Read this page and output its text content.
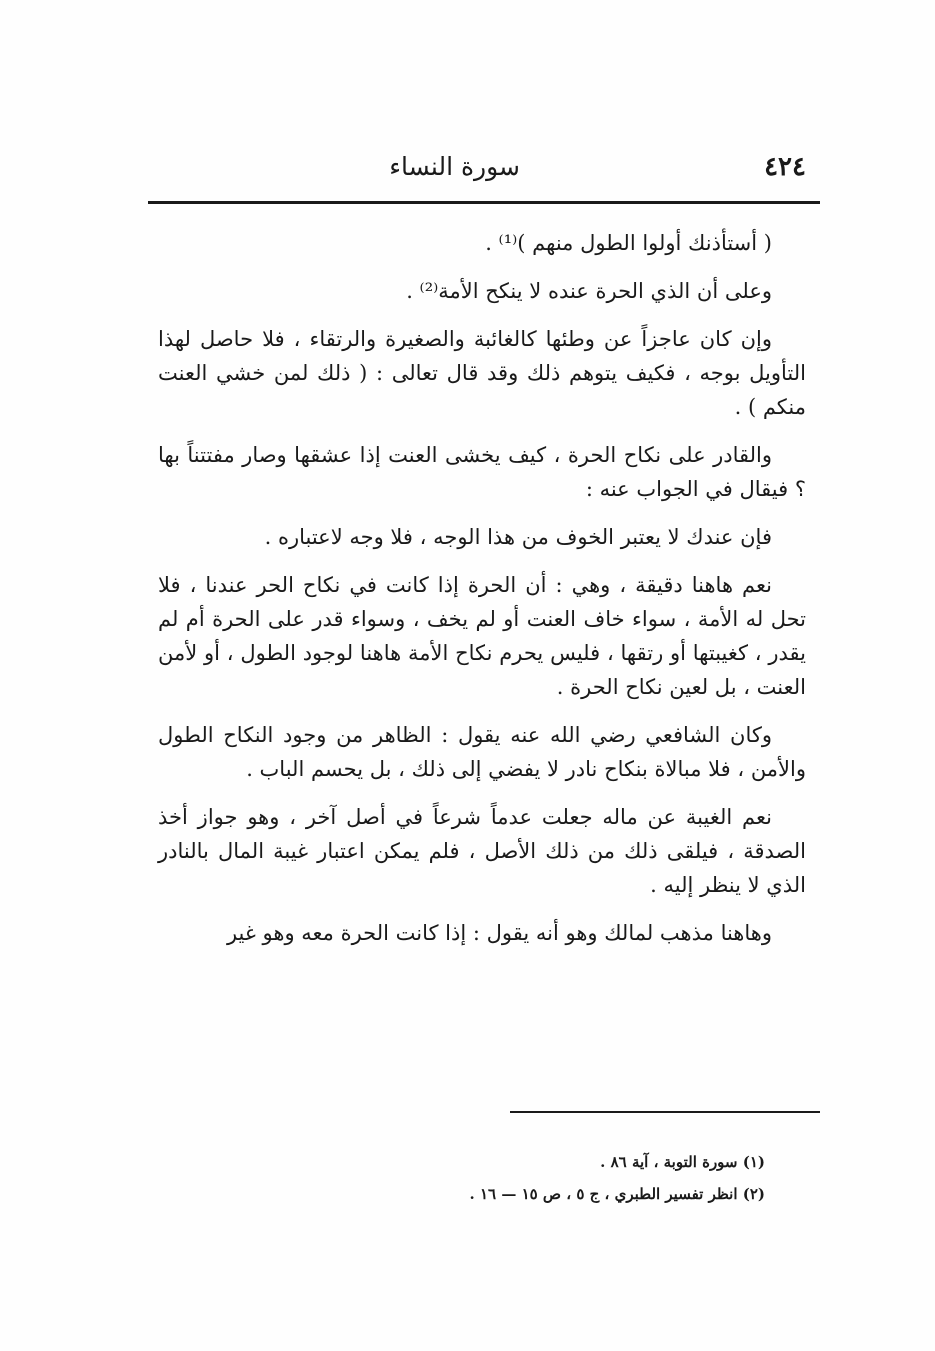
٤٢٤
سورة النساء

( أستأذنك أولوا الطول منهم )⁽¹⁾ .

وعلى أن الذي الحرة عنده لا ينكح الأمة⁽²⁾ .

وإن كان عاجزاً عن وطئها كالغائبة والصغيرة والرتقاء ، فلا حاصل لهذا التأويل بوجه ، فكيف يتوهم ذلك وقد قال تعالى : ( ذلك لمن خشي العنت منكم ) .

والقادر على نكاح الحرة ، كيف يخشى العنت إذا عشقها وصار مفتتناً بها ؟ فيقال في الجواب عنه :

فإن عندك لا يعتبر الخوف من هذا الوجه ، فلا وجه لاعتباره .

نعم هاهنا دقيقة ، وهي : أن الحرة إذا كانت في نكاح الحر عندنا ، فلا تحل له الأمة ، سواء خاف العنت أو لم يخف ، وسواء قدر على الحرة أم لم يقدر ، كغيبتها أو رتقها ، فليس يحرم نكاح الأمة هاهنا لوجود الطول ، أو لأمن العنت ، بل لعين نكاح الحرة .

وكان الشافعي رضي الله عنه يقول : الظاهر من وجود النكاح الطول والأمن ، فلا مبالاة بنكاح نادر لا يفضي إلى ذلك ، بل يحسم الباب .

نعم الغيبة عن ماله جعلت عدماً شرعاً في أصل آخر ، وهو جواز أخذ الصدقة ، فيلقى ذلك من ذلك الأصل ، فلم يمكن اعتبار غيبة المال بالنادر الذي لا ينظر إليه .

وهاهنا مذهب لمالك وهو أنه يقول : إذا كانت الحرة معه وهو غير

(١) سورة التوبة ، آية ٨٦ .
(٢) انظر تفسير الطبري ، ج ٥ ، ص ١٥ — ١٦ .
